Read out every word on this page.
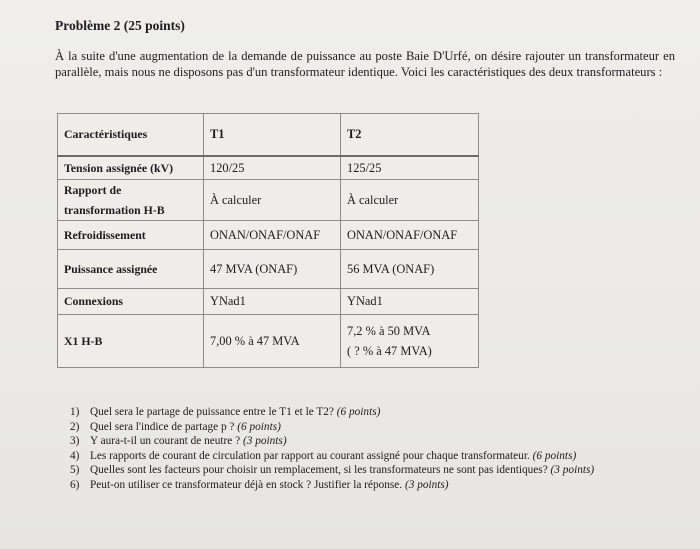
Problème 2 (25 points)
À la suite d'une augmentation de la demande de puissance au poste Baie D'Urfé, on désire rajouter un transformateur en parallèle, mais nous ne disposons pas d'un transformateur identique. Voici les caractéristiques des deux transformateurs :
Caractéristiques	T1	T2
Tension assignée (kV)	120/25	125/25

Rapport de
transformation H-B	À calculer	À calculer
Refroidissement	ONAN/ONAF/ONAF	ONAN/ONAF/ONAF
Puissance assignée	47 MVA (ONAF)	56 MVA (ONAF)
Connexions	YNad1	YNad1
X1 H-B	7,00 % à 47 MVA	7,2 % à 50 MVA
( ? % à 47 MVA)
1) Quel sera le partage de puissance entre le T1 et le T2? (6 points)
2) Quel sera l'indice de partage p ? (6 points)
3) Y aura-t-il un courant de neutre ? (3 points)
4) Les rapports de courant de circulation par rapport au courant assigné pour chaque transformateur. (6 points)
5) Quelles sont les facteurs pour choisir un remplacement, si les transformateurs ne sont pas identiques? (3 points)
6) Peut-on utiliser ce transformateur déjà en stock ? Justifier la réponse. (3 points)
